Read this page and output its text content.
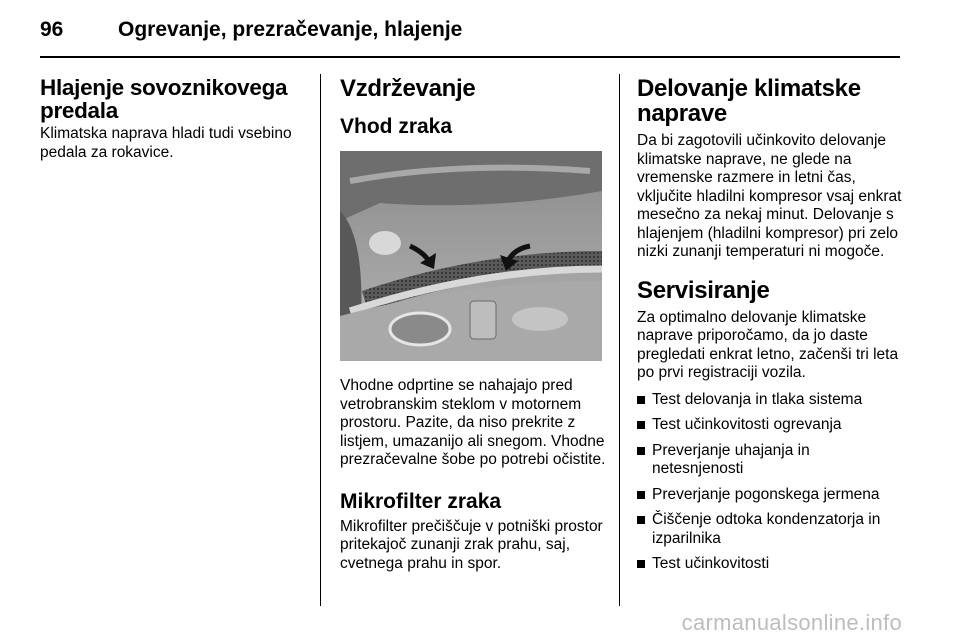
96	Ogrevanje, prezračevanje, hlajenje
Hlajenje sovoznikovega predala

Klimatska naprava hladi tudi vsebino pedala za rokavice.

Vzdrževanje
Vhod zraka

Vhodne odprtine se nahajajo pred vetrobranskim steklom v motornem prostoru. Pazite, da niso prekrite z listjem, umazanijo ali snegom. Vhodne prezračevalne šobe po potrebi očistite.

Mikrofilter zraka

Mikrofilter prečiščuje v potniški prostor pritekajoč zunanji zrak prahu, saj, cvetnega prahu in spor.

Delovanje klimatske naprave

Da bi zagotovili učinkovito delovanje klimatske naprave, ne glede na vremenske razmere in letni čas, vključite hladilni kompresor vsaj enkrat mesečno za nekaj minut. Delovanje s hlajenjem (hladilni kompresor) pri zelo nizki zunanji temperaturi ni mogoče.

Servisiranje

Za optimalno delovanje klimatske naprave priporočamo, da jo daste pregledati enkrat letno, začenši tri leta po prvi registraciji vozila.

Test delovanja in tlaka sistema
Test učinkovitosti ogrevanja
Preverjanje uhajanja in netesnjenosti
Preverjanje pogonskega jermena
Čiščenje odtoka kondenzatorja in izparilnika
Test učinkovitosti
carmanualsonline.info
